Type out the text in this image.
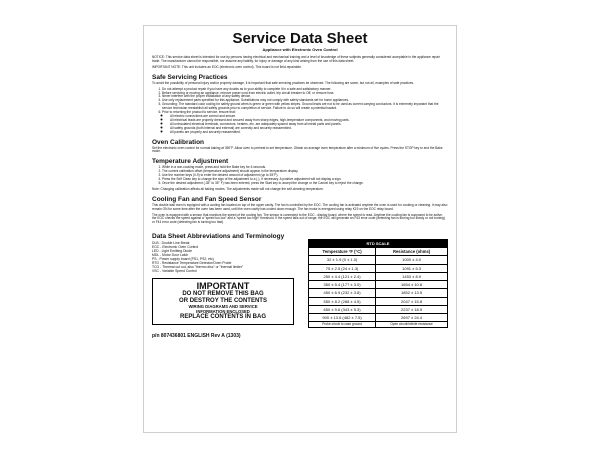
Service Data Sheet
Appliance with Electronic Oven Control

NOTICE: This service data sheet is intended for use by persons having electrical and mechanical training and a level of knowledge of these subjects generally considered acceptable in the appliance repair trade. The manufacturer cannot be responsible, nor assume any liability, for injury or damage of any kind arising from the use of this data sheet.

IMPORTANT NOTE: This unit includes an EOC (electronic oven control). This board is not field-repairable.

Safe Servicing Practices

To avoid the possibility of personal injury and/or property damage, it is important that safe servicing practices be observed. The following are some, but not all, examples of safe practices.

1. Do not attempt a product repair if you have any doubts as to your ability to complete it in a safe and satisfactory manner.
2. Before servicing or moving an appliance, remove power cord from electric outlet, trip circuit breaker to Off, or remove fuse.
3. Never interfere with the proper installation of any safety device.
4. Use only replacement parts specified for this appliance. Substitutions may not comply with safety standards set for home appliances.
5. Grounding: The standard color coding for safety ground wires is green or green with yellow stripes. Ground leads are not to be used as current carrying conductors. It is extremely important that the service technician reestablish all safety grounds prior to completion of service. Failure to do so will create a potential hazard.
6. Prior to returning the product to service, ensure that:
◦ All electric connections are correct and secure.
◦ All electrical leads are properly dressed and secured away from sharp edges, high-temperature components, and moving parts.
◦ All uninsulated electrical terminals, connectors, heaters, etc. are adequately spaced away from all metal parts and panels.
◦ All safety grounds (both internal and external) are correctly and securely reassembled.
◦ All panels are properly and securely reassembled.
Oven Calibration

Set the electronic oven control for normal baking at 350°F. Allow oven to preheat to set temperature. Obtain an average oven temperature after a minimum of five cycles. Press the STOP key to end the Bake mode.

Temperature Adjustment
1. While in a non-cooking mode, press and hold the Bake key for 6 seconds.
2. The current calibration offset (temperature adjustment) should appear in the temperature display.
3. Use the number keys (0-9) to enter the desired amount of adjustment (up to 35°F).
4. Press the Self Clean key to change the sign of the adjustment to a (-), if necessary. A positive adjustment will not display a sign.
5. Once the desired adjustment (-35° to 35° F) has been entered, press the Start key to accept the change or the Cancel key to reject the change.

Note: Changing calibration affects all baking modes. The adjustments made will not change the self-cleaning temperature.

Cooling Fan and Fan Speed Sensor

This double wall oven is equipped with a cooling fan located on top of the upper cavity. The fan is controlled by the EOC. The cooling fan is activated anytime the oven is used for cooking or cleaning. It may also remain ON for some time after the oven has been used, until the oven cavity has cooled down enough. The fan motor is energized using relay K19 on the EOC relay board.

The oven is equipped with a sensor that monitors the speed of the cooling fan. The sensor is connected to the EOC - display board, where the speed is read. Anytime the cooling fan is supposed to be active, the EOC checks the speed against a "speed too low" and a "speed too high" threshold. If the speed falls out of range, the EOC will generate an F43 error code (detecting fan is turning too slowly or not turning) or F44 error code (detecting fan is turning too fast).

Data Sheet Abbreviations and Terminology
DLB - Double Line Break
EOC - Electronic Oven Control
LED - Light Emitting Diode
MDL - Motor Door Latch
PS - Power supply board (PS1, PS2, etc)
RTD - Resistance Temperature Detector/Oven Probe
TCO - Thermal cut out, also "thermo disc" or "thermal limiter"
VSC - Variable Speed Control
IMPORTANT
DO NOT REMOVE THIS BAG
OR DESTROY THE CONTENTS
WIRING DIAGRAMS AND SERVICE
INFORMATION ENCLOSED
REPLACE CONTENTS IN BAG
p/n 807436801 ENGLISH Rev A (1303)
RTD SCALE	
Temperature °F (°C)	Resistance (ohms)
32 ± 1.9 (0 ± 1.0)	1000 ± 4.0
75 ± 2.5 (24 ± 1.3)	1091 ± 5.3
250 ± 4.4 (121 ± 2.4)	1453 ± 8.9
350 ± 5.4 (177 ± 3.0)	1654 ± 10.8
450 ± 6.9 (232 ± 3.8)	1852 ± 13.5
550 ± 8.2 (288 ± 4.5)	2047 ± 15.8
650 ± 9.6 (343 ± 5.3)	2237 ± 18.5
900 ± 13.6 (482 ± 7.5)	2697 ± 24.4
Probe circuit to case ground	Open circuit/infinite resistance
